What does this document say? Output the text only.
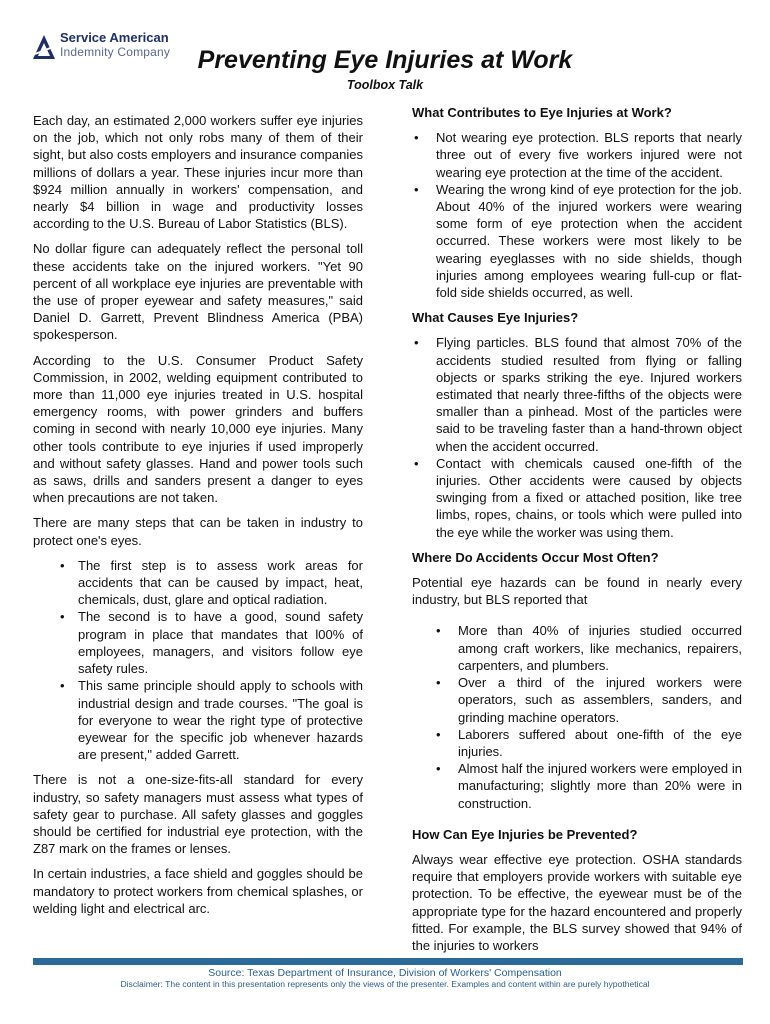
Service American
Indemnity Company	Preventing Eye Injuries at Work
Toolbox Talk

Each day, an estimated 2,000 workers suffer eye injuries on the job, which not only robs many of them of their sight, but also costs employers and insurance companies millions of dollars a year. These injuries incur more than $924 million annually in workers' compensation, and nearly $4 billion in wage and productivity losses according to the U.S. Bureau of Labor Statistics (BLS).

No dollar figure can adequately reflect the personal toll these accidents take on the injured workers. "Yet 90 percent of all workplace eye injuries are preventable with the use of proper eyewear and safety measures," said Daniel D. Garrett, Prevent Blindness America (PBA) spokesperson.

According to the U.S. Consumer Product Safety Commission, in 2002, welding equipment contributed to more than 11,000 eye injuries treated in U.S. hospital emergency rooms, with power grinders and buffers coming in second with nearly 10,000 eye injuries. Many other tools contribute to eye injuries if used improperly and without safety glasses. Hand and power tools such as saws, drills and sanders present a danger to eyes when precautions are not taken.

There are many steps that can be taken in industry to protect one's eyes.

• The first step is to assess work areas for accidents that can be caused by impact, heat, chemicals, dust, glare and optical radiation.
• The second is to have a good, sound safety program in place that mandates that l00% of employees, managers, and visitors follow eye safety rules.
• This same principle should apply to schools with industrial design and trade courses. "The goal is for everyone to wear the right type of protective eyewear for the specific job whenever hazards are present," added Garrett.

There is not a one-size-fits-all standard for every industry, so safety managers must assess what types of safety gear to purchase. All safety glasses and goggles should be certified for industrial eye protection, with the Z87 mark on the frames or lenses.

In certain industries, a face shield and goggles should be mandatory to protect workers from chemical splashes, or welding light and electrical arc.

What Contributes to Eye Injuries at Work?
• Not wearing eye protection. BLS reports that nearly three out of every five workers injured were not wearing eye protection at the time of the accident.
• Wearing the wrong kind of eye protection for the job. About 40% of the injured workers were wearing some form of eye protection when the accident occurred. These workers were most likely to be wearing eyeglasses with no side shields, though injuries among employees wearing full-cup or flat-fold side shields occurred, as well.
What Causes Eye Injuries?
• Flying particles. BLS found that almost 70% of the accidents studied resulted from flying or falling objects or sparks striking the eye. Injured workers estimated that nearly three-fifths of the objects were smaller than a pinhead. Most of the particles were said to be traveling faster than a hand-thrown object when the accident occurred.
• Contact with chemicals caused one-fifth of the injuries. Other accidents were caused by objects swinging from a fixed or attached position, like tree limbs, ropes, chains, or tools which were pulled into the eye while the worker was using them.
Where Do Accidents Occur Most Often?

Potential eye hazards can be found in nearly every industry, but BLS reported that

• More than 40% of injuries studied occurred among craft workers, like mechanics, repairers, carpenters, and plumbers.
• Over a third of the injured workers were operators, such as assemblers, sanders, and grinding machine operators.
• Laborers suffered about one-fifth of the eye injuries.
• Almost half the injured workers were employed in manufacturing; slightly more than 20% were in construction.
How Can Eye Injuries be Prevented?

Always wear effective eye protection. OSHA standards require that employers provide workers with suitable eye protection. To be effective, the eyewear must be of the appropriate type for the hazard encountered and properly fitted. For example, the BLS survey showed that 94% of the injuries to workers

Source: Texas Department of Insurance, Division of Workers' Compensation
Disclaimer: The content in this presentation represents only the views of the presenter. Examples and content within are purely hypothetical
